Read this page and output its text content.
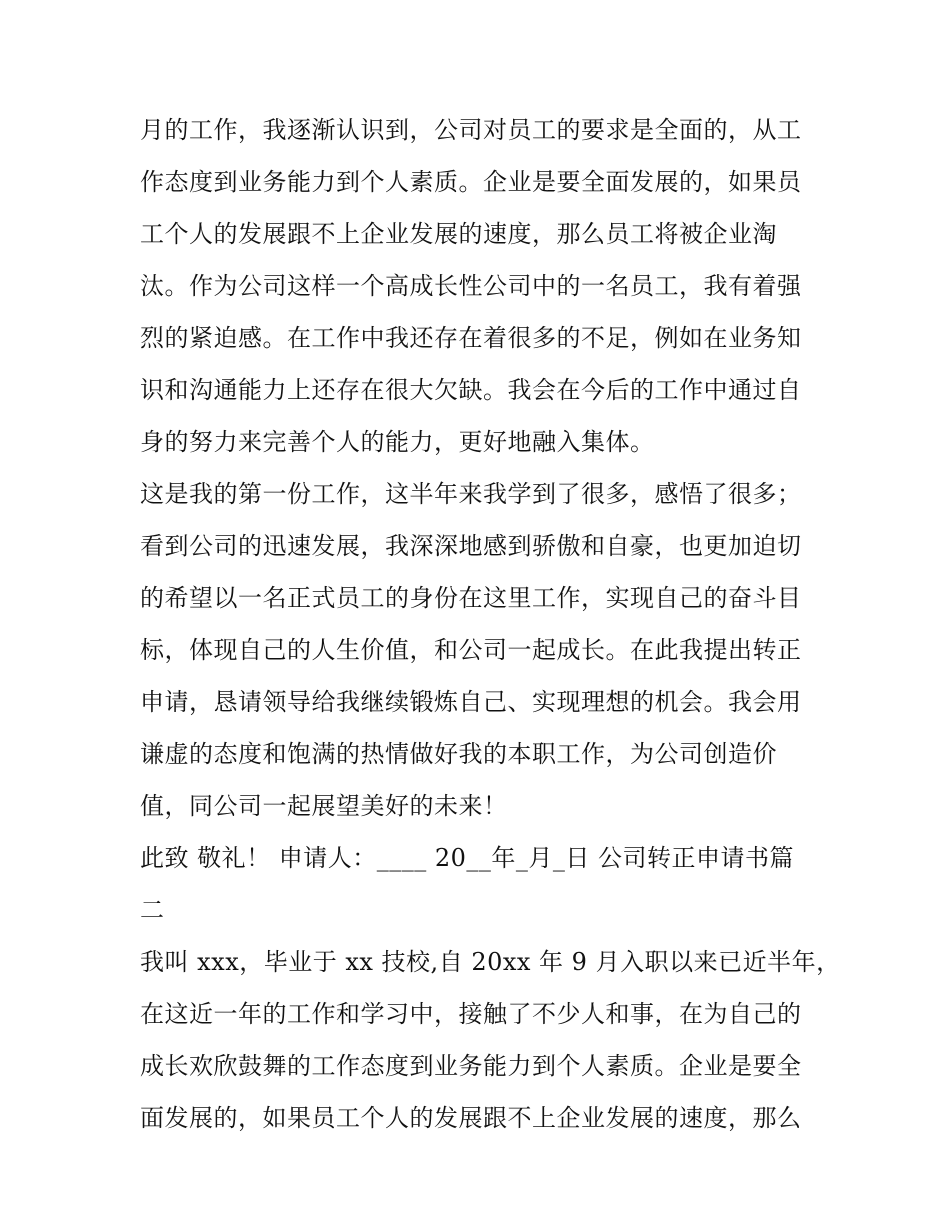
月的工作，我逐渐认识到，公司对员工的要求是全面的，从工
作态度到业务能力到个人素质。企业是要全面发展的，如果员
工个人的发展跟不上企业发展的速度，那么员工将被企业淘
汰。作为公司这样一个高成长性公司中的一名员工，我有着强
烈的紧迫感。在工作中我还存在着很多的不足，例如在业务知
识和沟通能力上还存在很大欠缺。我会在今后的工作中通过自
身的努力来完善个人的能力，更好地融入集体。
这是我的第一份工作，这半年来我学到了很多，感悟了很多；
看到公司的迅速发展，我深深地感到骄傲和自豪，也更加迫切
的希望以一名正式员工的身份在这里工作，实现自己的奋斗目
标，体现自己的人生价值，和公司一起成长。在此我提出转正
申请，恳请领导给我继续锻炼自己、实现理想的机会。我会用
谦虚的态度和饱满的热情做好我的本职工作，为公司创造价
值，同公司一起展望美好的未来！
此致 敬礼！ 申请人：____ 20__年_月_日 公司转正申请书篇
二
我叫 xxx，毕业于 xx 技校,自 20xx 年 9 月入职以来已近半年，
在这近一年的工作和学习中，接触了不少人和事，在为自己的
成长欢欣鼓舞的工作态度到业务能力到个人素质。企业是要全
面发展的，如果员工个人的发展跟不上企业发展的速度，那么
